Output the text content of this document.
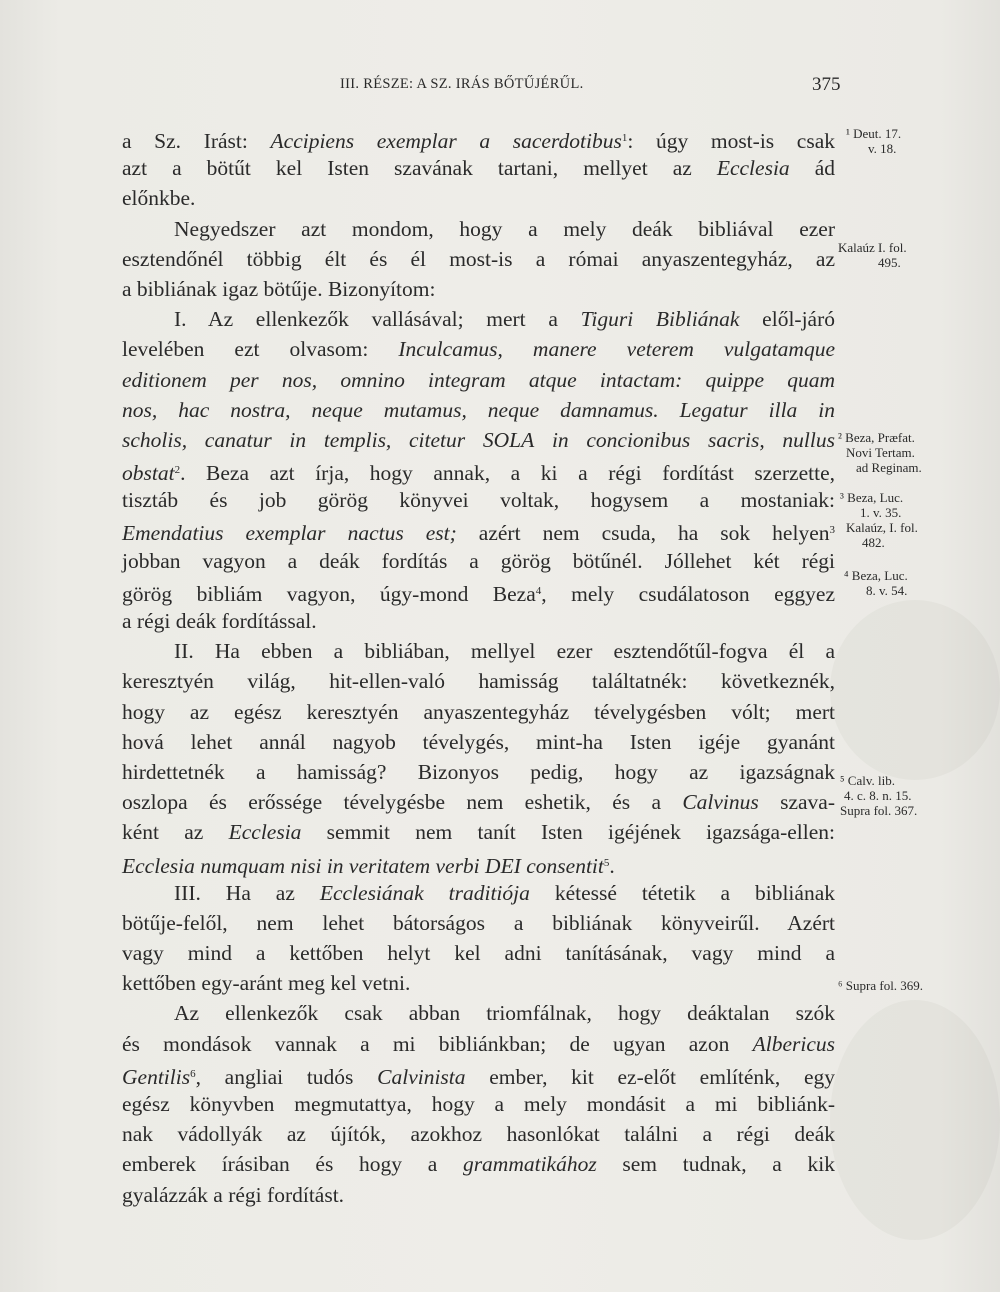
III. RÉSZE: A SZ. IRÁS BŐTŰJÉRŰL.	375
a Sz. Irást: Accipiens exemplar a sacerdotibus$^1$: úgy most-is csak
azt a bötűt kel Isten szavának tartani, mellyet az Ecclesia ád
előnkbe.
Negyedszer azt mondom, hogy a mely deák bibliával ezer
esztendőnél többig élt és él most-is a római anyaszentegyház, az
a bibliának igaz bötűje. Bizonyítom:
I. Az ellenkezők vallásával; mert a Tiguri Bibliának elől-járó
levelében ezt olvasom: Inculcamus, manere veterem vulgatamque
editionem per nos, omnino integram atque intactam: quippe quam
nos, hac nostra, neque mutamus, neque damnamus. Legatur illa in
scholis, canatur in templis, citetur SOLA in concionibus sacris, nullus
obstat$^2$. Beza azt írja, hogy annak, a ki a régi fordítást szerzette,
tisztáb és job görög könyvei voltak, hogysem a mostaniak:
Emendatius exemplar nactus est; azért nem csuda, ha sok helyen$^3$
jobban vagyon a deák fordítás a görög bötűnél. Jóllehet két régi
görög bibliám vagyon, úgy-mond Beza$^4$, mely csudálatoson eggyez
a régi deák fordítással.
II. Ha ebben a bibliában, mellyel ezer esztendőtűl-fogva él a
keresztyén világ, hit-ellen-való hamisság találtatnék: következnék,
hogy az egész keresztyén anyaszentegyház tévelygésben vólt; mert
hová lehet annál nagyob tévelygés, mint-ha Isten igéje gyanánt
hirdettetnék a hamisság? Bizonyos pedig, hogy az igazságnak
oszlopa és erőssége tévelygésbe nem eshetik, és a Calvinus szava-
ként az Ecclesia semmit nem tanít Isten igéjének igazsága-ellen:
Ecclesia numquam nisi in veritatem verbi DEI consentit$^5$.
III. Ha az Ecclesiának traditiója kétessé tétetik a bibliának
bötűje-felől, nem lehet bátorságos a bibliának könyveirűl. Azért
vagy mind a kettőben helyt kel adni tanításának, vagy mind a
kettőben egy-aránt meg kel vetni.
Az ellenkezők csak abban triomfálnak, hogy deáktalan szók
és mondások vannak a mi bibliánkban; de ugyan azon Albericus
Gentilis$^6$, angliai tudós Calvinista ember, kit ez-előt említénk, egy
egész könyvben megmutattya, hogy a mely mondásit a mi bibliánk-
nak vádollyák az újítók, azokhoz hasonlókat találni a régi deák
emberek írásiban és hogy a grammatikához sem tudnak, a kik
gyalázzák a régi fordítást.
¹ Deut. 17.
v. 18.
Kalaúz I. fol.
495.
² Beza, Præfat.
Novi Tertam.
ad Reginam.
³ Beza, Luc.
1. v. 35.
Kalaúz, I. fol.
482.
⁴ Beza, Luc.
8. v. 54.
⁵ Calv. lib.
4. c. 8. n. 15.
Supra fol. 367.
⁶ Supra fol. 369.
